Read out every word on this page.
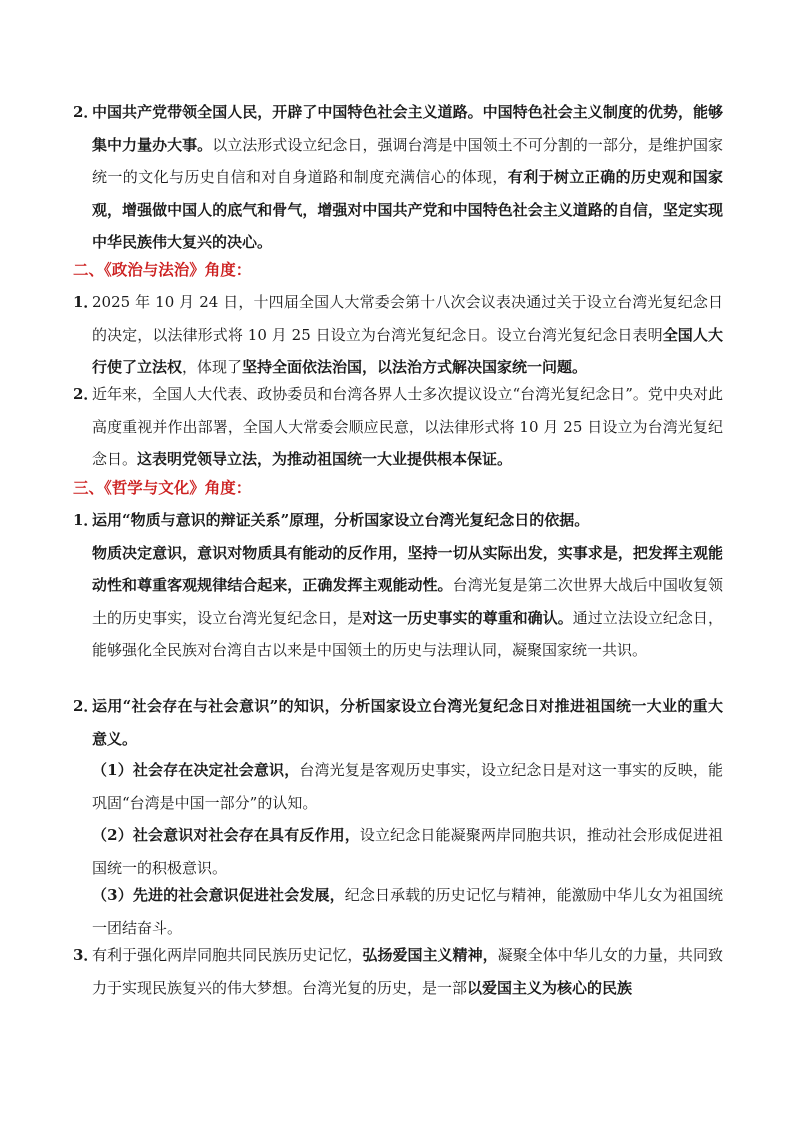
2．
中国共产党带领全国人民，开辟了中国特色社会主义道路。中国特色社会主义制度的优势，能够集中力量办大事。以立法形式设立纪念日，强调台湾是中国领土不可分割的一部分，是维护国家统一的文化与历史自信和对自身道路和制度充满信心的体现，有利于树立正确的历史观和国家观，增强做中国人的底气和骨气，增强对中国共产党和中国特色社会主义道路的自信，坚定实现中华民族伟大复兴的决心。
二、《政治与法治》角度：
1．
2025 年 10 月 24 日，十四届全国人大常委会第十八次会议表决通过关于设立台湾光复纪念日的决定，以法律形式将 10 月 25 日设立为台湾光复纪念日。设立台湾光复纪念日表明全国人大行使了立法权，体现了坚持全面依法治国，以法治方式解决国家统一问题。
2．
近年来，全国人大代表、政协委员和台湾各界人士多次提议设立“台湾光复纪念日”。党中央对此高度重视并作出部署，全国人大常委会顺应民意，以法律形式将 10 月 25 日设立为台湾光复纪念日。这表明党领导立法，为推动祖国统一大业提供根本保证。
三、《哲学与文化》角度：
1．
运用“物质与意识的辩证关系”原理，分析国家设立台湾光复纪念日的依据。
物质决定意识，意识对物质具有能动的反作用，坚持一切从实际出发，实事求是，把发挥主观能动性和尊重客观规律结合起来，正确发挥主观能动性。台湾光复是第二次世界大战后中国收复领土的历史事实，设立台湾光复纪念日，是对这一历史事实的尊重和确认。通过立法设立纪念日，能够强化全民族对台湾自古以来是中国领土的历史与法理认同，凝聚国家统一共识。
2．
运用“社会存在与社会意识”的知识，分析国家设立台湾光复纪念日对推进祖国统一大业的重大意义。
（1）社会存在决定社会意识，台湾光复是客观历史事实，设立纪念日是对这一事实的反映，能巩固“台湾是中国一部分”的认知。
（2）社会意识对社会存在具有反作用，设立纪念日能凝聚两岸同胞共识，推动社会形成促进祖国统一的积极意识。
（3）先进的社会意识促进社会发展，纪念日承载的历史记忆与精神，能激励中华儿女为祖国统一团结奋斗。
3．
有利于强化两岸同胞共同民族历史记忆，弘扬爱国主义精神，凝聚全体中华儿女的力量，共同致力于实现民族复兴的伟大梦想。台湾光复的历史，是一部以爱国主义为核心的民族
